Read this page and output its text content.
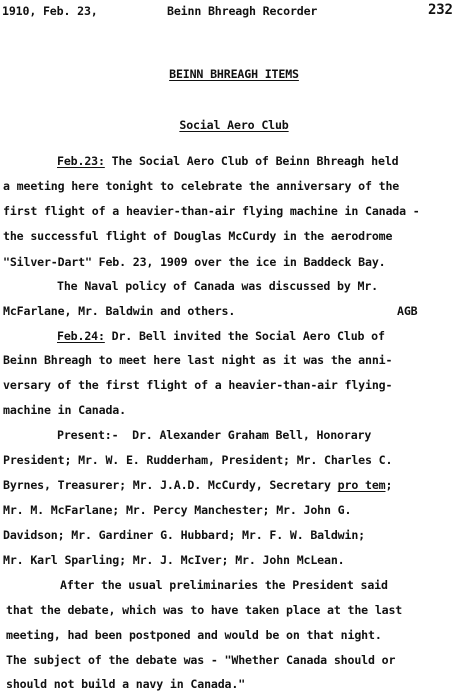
1910, Feb. 23,	Beinn Bhreagh Recorder	232
BEINN BHREAGH ITEMS
Social Aero Club
Feb.23: The Social Aero Club of Beinn Bhreagh held
a meeting here tonight to celebrate the anniversary of the
first flight of a heavier-than-air flying machine in Canada -
the successful flight of Douglas McCurdy in the aerodrome
"Silver-Dart" Feb. 23, 1909 over the ice in Baddeck Bay.
The Naval policy of Canada was discussed by Mr.
McFarlane, Mr. Baldwin and others.	AGB
Feb.24: Dr. Bell invited the Social Aero Club of
Beinn Bhreagh to meet here last night as it was the anni-
versary of the first flight of a heavier-than-air flying-
machine in Canada.
Present:-  Dr. Alexander Graham Bell, Honorary
President; Mr. W. E. Rudderham, President; Mr. Charles C.
Byrnes, Treasurer; Mr. J.A.D. McCurdy, Secretary pro tem;
Mr. M. McFarlane; Mr. Percy Manchester; Mr. John G.
Davidson; Mr. Gardiner G. Hubbard; Mr. F. W. Baldwin;
Mr. Karl Sparling; Mr. J. McIver; Mr. John McLean.
After the usual preliminaries the President said
that the debate, which was to have taken place at the last
meeting, had been postponed and would be on that night.
The subject of the debate was - "Whether Canada should or
should not build a navy in Canada."
